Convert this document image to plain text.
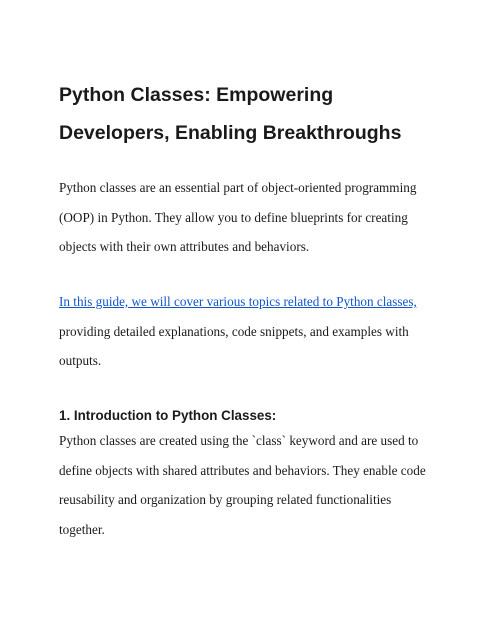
Python Classes: Empowering
Developers, Enabling Breakthroughs

Python classes are an essential part of object-oriented programming
(OOP) in Python. They allow you to define blueprints for creating
objects with their own attributes and behaviors.

In this guide, we will cover various topics related to Python classes,
providing detailed explanations, code snippets, and examples with
outputs.

1. Introduction to Python Classes:

Python classes are created using the `class` keyword and are used to
define objects with shared attributes and behaviors. They enable code
reusability and organization by grouping related functionalities
together.
